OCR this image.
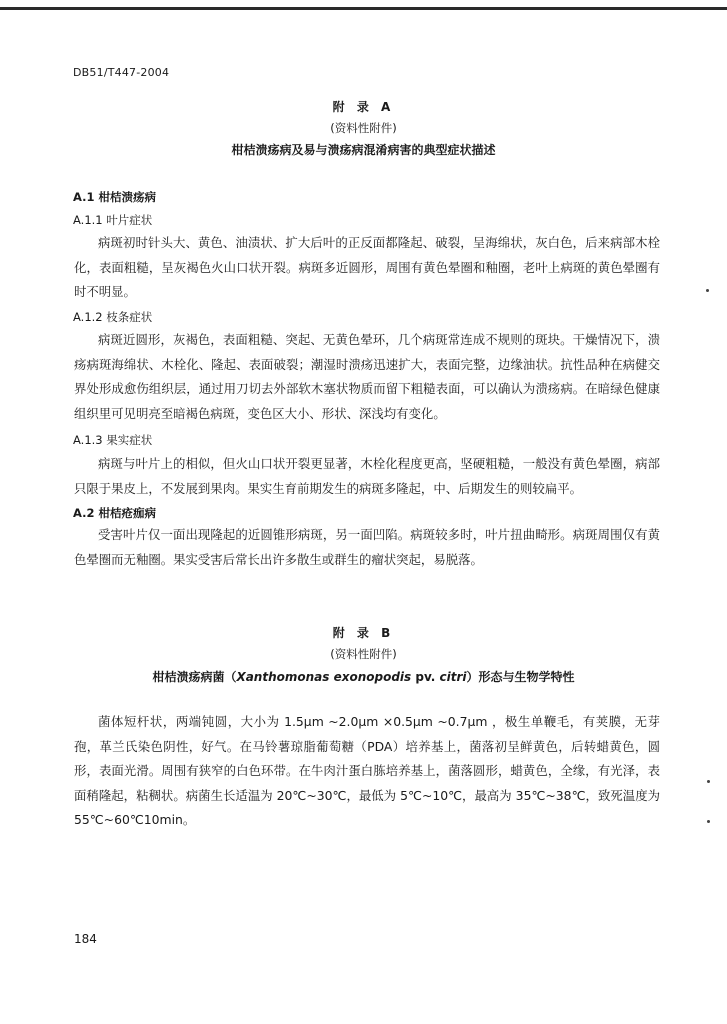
DB51/T447-2004
附 录 A
(资料性附件)
柑桔溃疡病及易与溃疡病混淆病害的典型症状描述
A.1 柑桔溃疡病
A.1.1 叶片症状

病斑初时针头大、黄色、油渍状、扩大后叶的正反面都隆起、破裂，呈海绵状，灰白色，后来病部木栓化，表面粗糙，呈灰褐色火山口状开裂。病斑多近圆形，周围有黄色晕圈和釉圈，老叶上病斑的黄色晕圈有时不明显。

A.1.2 枝条症状

病斑近圆形，灰褐色，表面粗糙、突起、无黄色晕环，几个病斑常连成不规则的斑块。干燥情况下，溃疡病斑海绵状、木栓化、隆起、表面破裂；潮湿时溃疡迅速扩大，表面完整，边缘油状。抗性品种在病健交界处形成愈伤组织层，通过用刀切去外部软木塞状物质而留下粗糙表面，可以确认为溃疡病。在暗绿色健康组织里可见明亮至暗褐色病斑，变色区大小、形状、深浅均有变化。

A.1.3 果实症状

病斑与叶片上的相似，但火山口状开裂更显著，木栓化程度更高，坚硬粗糙，一般没有黄色晕圈，病部只限于果皮上，不发展到果肉。果实生育前期发生的病斑多隆起，中、后期发生的则较扁平。

A.2 柑桔疮痂病

受害叶片仅一面出现隆起的近圆锥形病斑，另一面凹陷。病斑较多时，叶片扭曲畸形。病斑周围仅有黄色晕圈而无釉圈。果实受害后常长出许多散生或群生的瘤状突起，易脱落。

附 录 B
(资料性附件)
柑桔溃疡病菌（Xanthomonas exonopodis pv. citri）形态与生物学特性

菌体短杆状，两端钝圆，大小为 1.5μm ~2.0μm ×0.5μm ~0.7μm ，极生单鞭毛，有荚膜，无芽孢，革兰氏染色阴性，好气。在马铃薯琼脂葡萄糖（PDA）培养基上，菌落初呈鲜黄色，后转蜡黄色，圆形，表面光滑。周围有狭窄的白色环带。在牛肉汁蛋白胨培养基上，菌落圆形，蜡黄色，全缘，有光泽，表面稍隆起，粘稠状。病菌生长适温为 20℃~30℃，最低为 5℃~10℃，最高为 35℃~38℃，致死温度为 55℃~60℃10min。

184
